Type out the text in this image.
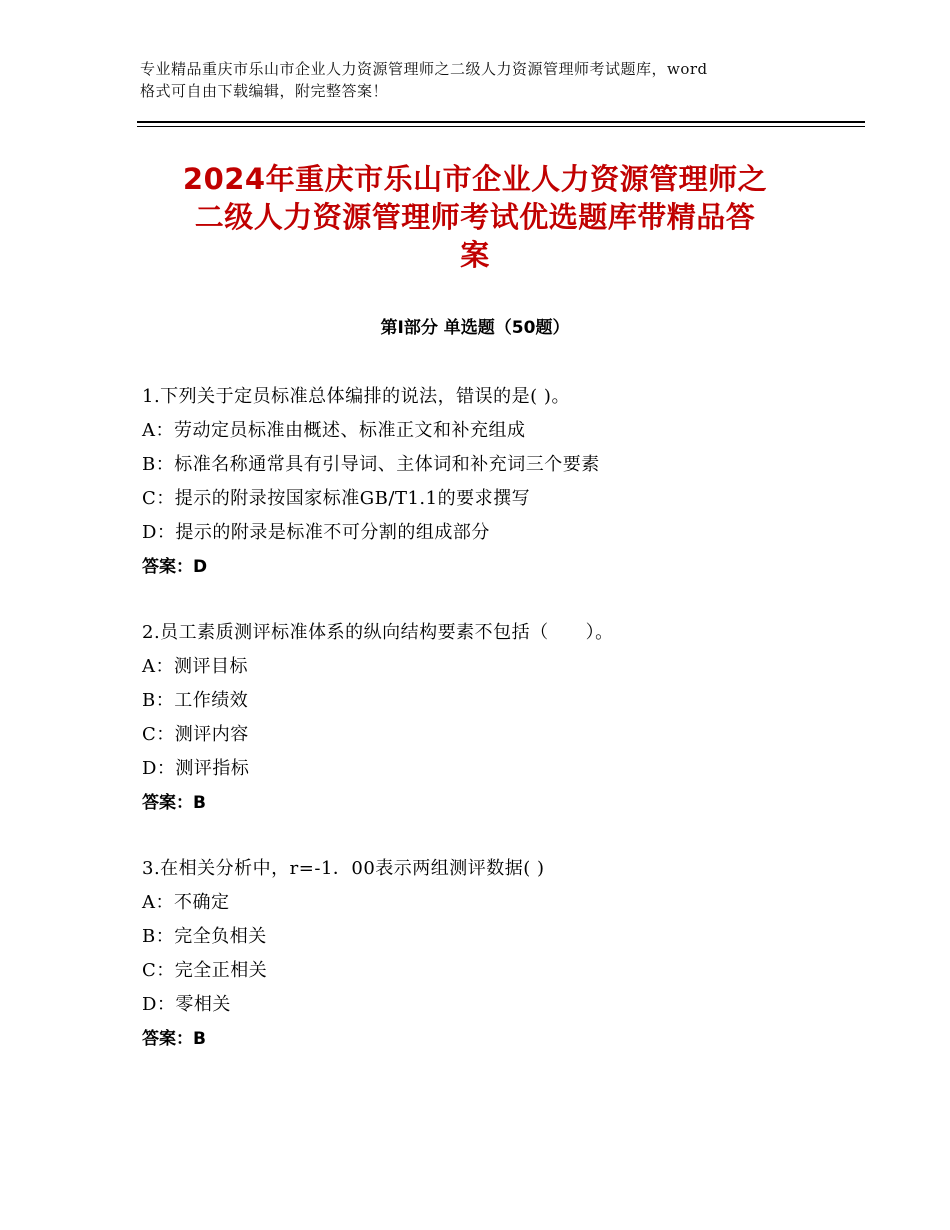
专业精品重庆市乐山市企业人力资源管理师之二级人力资源管理师考试题库，word
格式可自由下载编辑，附完整答案！
2024年重庆市乐山市企业人力资源管理师之
二级人力资源管理师考试优选题库带精品答
案
第Ⅰ部分 单选题（50题）
1.下列关于定员标准总体编排的说法，错误的是( )。
A：劳动定员标准由概述、标准正文和补充组成
B：标准名称通常具有引导词、主体词和补充词三个要素
C：提示的附录按国家标准GB/T1.1的要求撰写
D：提示的附录是标准不可分割的组成部分
答案：D
2.员工素质测评标准体系的纵向结构要素不包括（　　）。
A：测评目标
B：工作绩效
C：测评内容
D：测评指标
答案：B
3.在相关分析中，r=-1．00表示两组测评数据( )
A：不确定
B：完全负相关
C：完全正相关
D：零相关
答案：B
